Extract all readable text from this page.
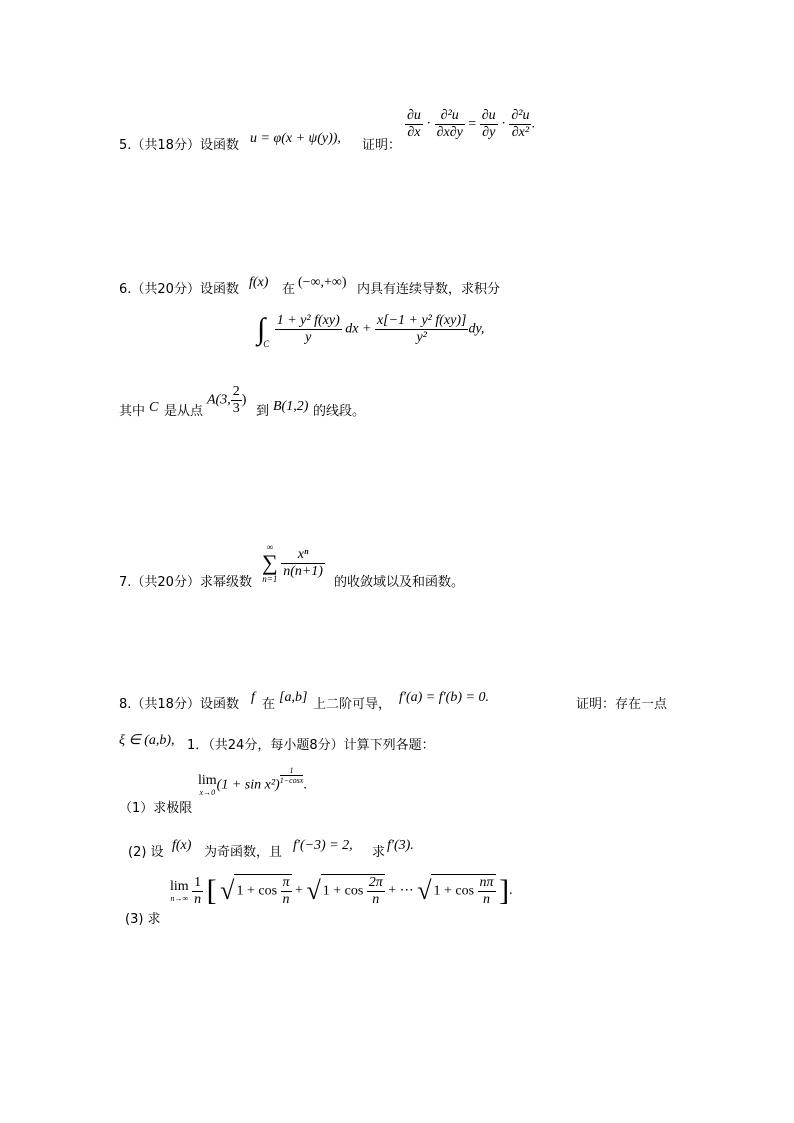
5.（共18分）设函数 u = φ(x + ψ(y)), 证明：
$\frac{\partial u}{\partial x} \cdot \frac{\text{∂²u}}{\partial x\partial y} = \frac{\partial u}{\partial y} \cdot \frac{\text{∂²u}}{\text{∂x²}}$ .
6.（共20分）设函数 f(x) 在 (−∞,+∞) 内具有连续导数，求积分
$\int_C \frac{\text{1 + y² f(xy)}}{y}$ dx + $\frac{\text{x[−1 + y² f(xy)]}}{\text{y²}}$ dy,
其中 C 是从点
A(3, $\frac{2}{3}$ )
到 B(1,2) 的线段。
7.（共20分）求幂级数
∞
∑
n=1
$\frac{\text{xⁿ}}{n(n+1)}$
的收敛域以及和函数。
8.（共18分）设函数 f 在 [a,b] 上二阶可导， f′(a) = f′(b) = 0.	证明：存在一点
ξ ∈ (a,b), 1．（共24分，每小题8分）计算下列各题：
（1）求极限
lim
x→0 (1 + sin x²)
$\frac{1}{1-\cos x}$
.
(2) 设 f(x) 为奇函数，且 f′(−3) = 2, 求 f′(3).
(3) 求
lim
n→∞
$\frac{1}{n}$ [ √ $1 + \cos \frac{\pi}{n}$ + √ $1 + \cos \frac{2\pi}{n}$ + ⋯ √ $1 + \cos \frac{n\pi}{n}$ ].
